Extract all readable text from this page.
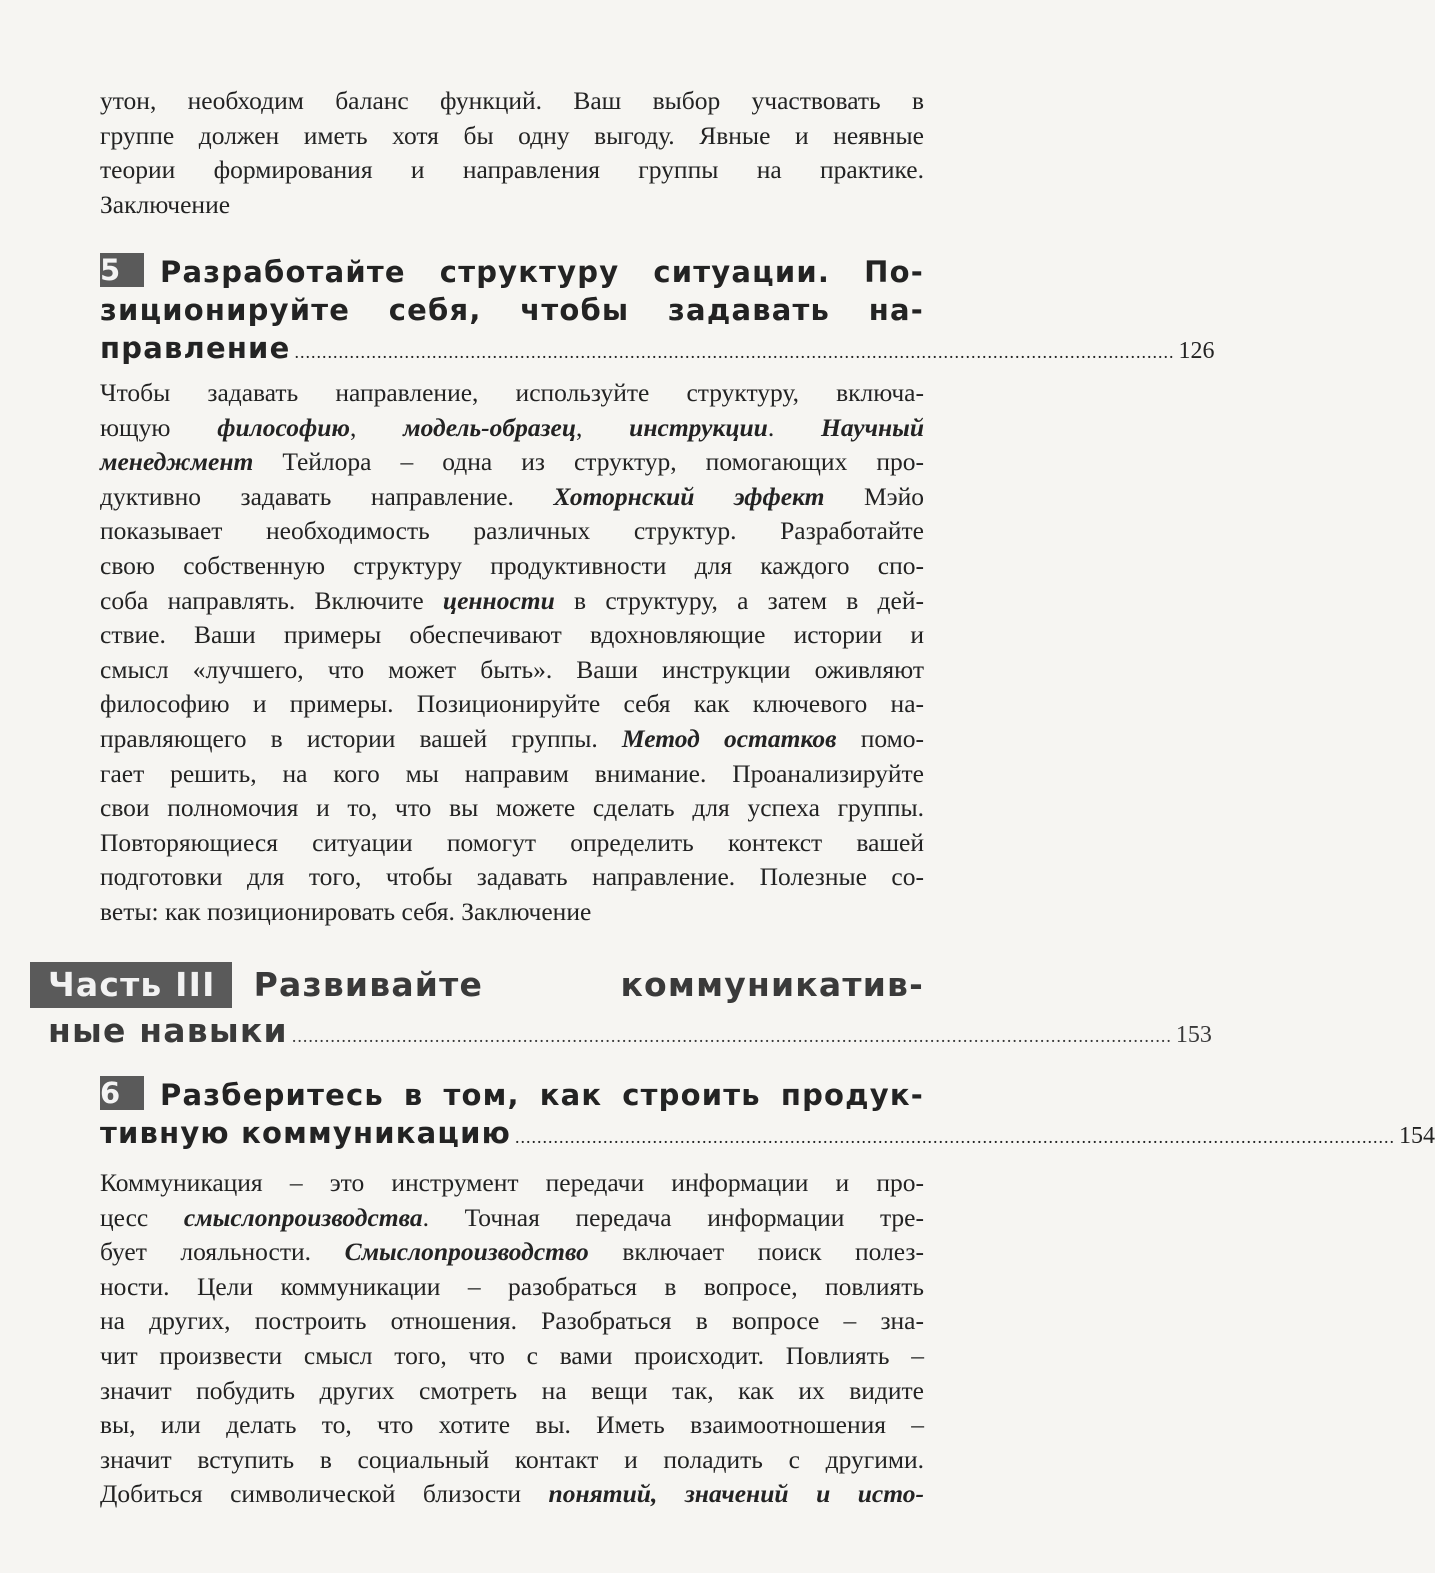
утон, необходим баланс функций. Ваш выбор участвовать в
группе должен иметь хотя бы одну выгоду. Явные и неявные
теории формирования и направления группы на практике.
Заключение
5 Разработайте структуру ситуации. По-
зиционируйте себя, чтобы задавать на-
правление ................................................................................................................................................................ 126
Чтобы задавать направление, используйте структуру, включа-
ющую философию, модель-образец, инструкции. Научный
менеджмент Тейлора – одна из структур, помогающих про-
дуктивно задавать направление. Хоторнский эффект Мэйо
показывает необходимость различных структур. Разработайте
свою собственную структуру продуктивности для каждого спо-
соба направлять. Включите ценности в структуру, а затем в дей-
ствие. Ваши примеры обеспечивают вдохновляющие истории и
смысл «лучшего, что может быть». Ваши инструкции оживляют
философию и примеры. Позиционируйте себя как ключевого на-
правляющего в истории вашей группы. Метод остатков помо-
гает решить, на кого мы направим внимание. Проанализируйте
свои полномочия и то, что вы можете сделать для успеха группы.
Повторяющиеся ситуации помогут определить контекст вашей
подготовки для того, чтобы задавать направление. Полезные со-
веты: как позиционировать себя. Заключение
Часть III	Развивайте коммуникатив-
ные навыки ................................................................................................................................................................ 153
6 Разберитесь в том, как строить продук-
тивную коммуникацию ................................................................................................................................................................ 154
Коммуникация – это инструмент передачи информации и про-
цесс смыслопроизводства. Точная передача информации тре-
бует лояльности. Смыслопроизводство включает поиск полез-
ности. Цели коммуникации – разобраться в вопросе, повлиять
на других, построить отношения. Разобраться в вопросе – зна-
чит произвести смысл того, что с вами происходит. Повлиять –
значит побудить других смотреть на вещи так, как их видите
вы, или делать то, что хотите вы. Иметь взаимоотношения –
значит вступить в социальный контакт и поладить с другими.
Добиться символической близости понятий, значений и исто-
